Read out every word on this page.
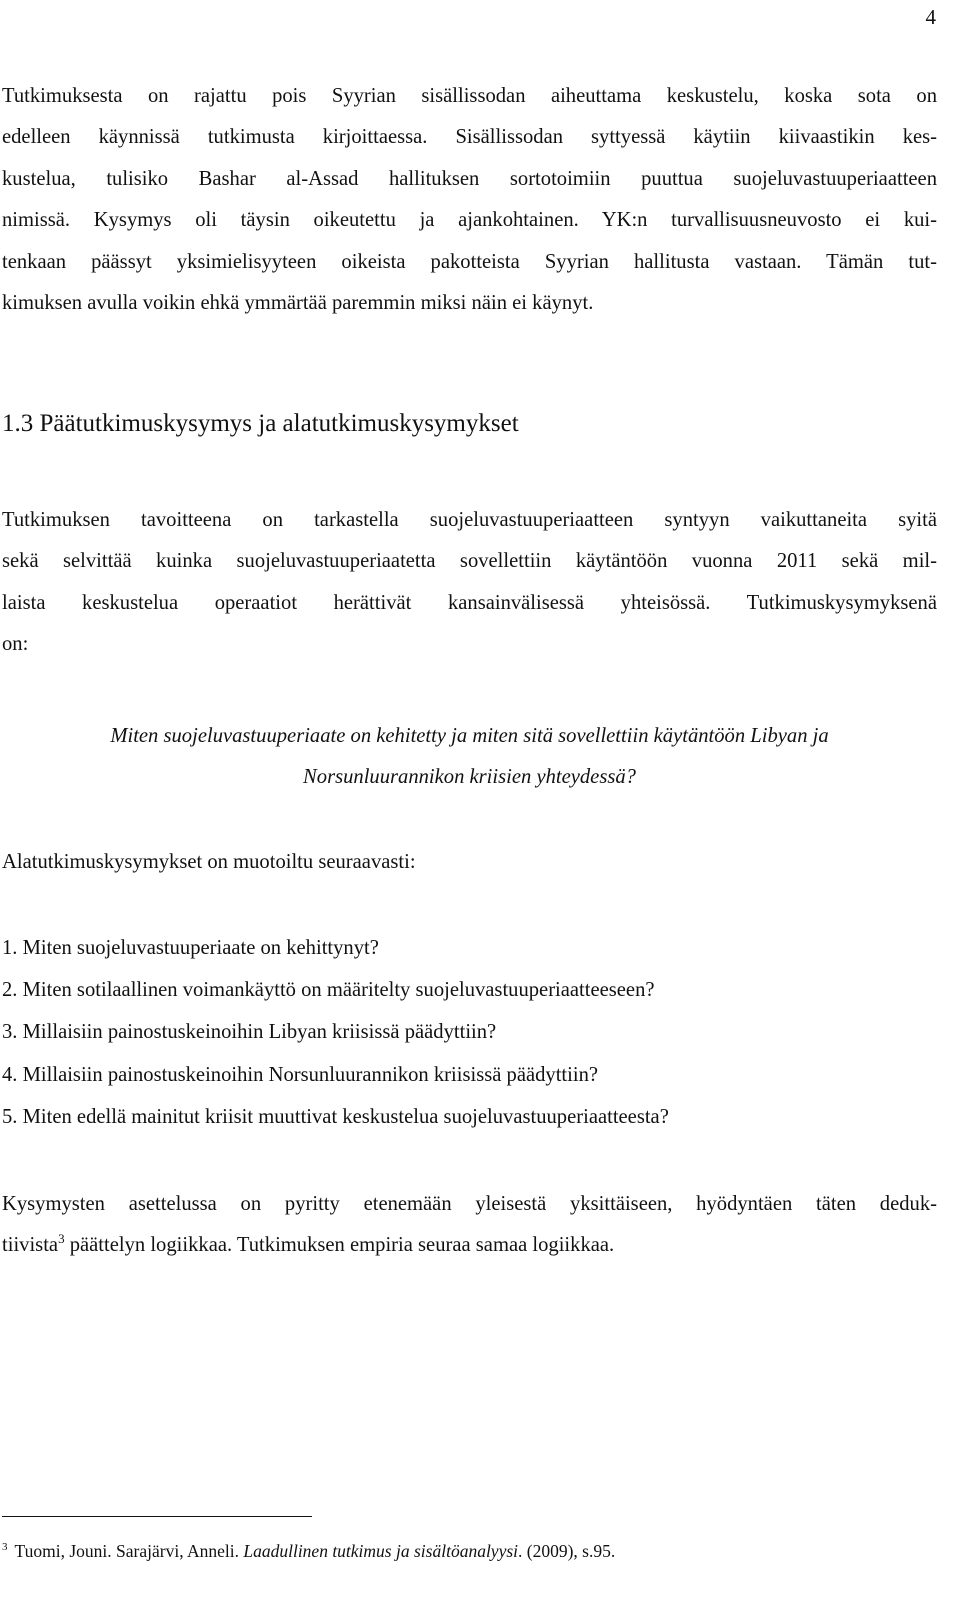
4

Tutkimuksesta on rajattu pois Syyrian sisällissodan aiheuttama keskustelu, koska sota on
edelleen käynnissä tutkimusta kirjoittaessa. Sisällissodan syttyessä käytiin kiivaastikin kes-
kustelua, tulisiko Bashar al-Assad hallituksen sortotoimiin puuttua suojeluvastuuperiaatteen
nimissä. Kysymys oli täysin oikeutettu ja ajankohtainen. YK:n turvallisuusneuvosto ei kui-
tenkaan päässyt yksimielisyyteen oikeista pakotteista Syyrian hallitusta vastaan. Tämän tut-
kimuksen avulla voikin ehkä ymmärtää paremmin miksi näin ei käynyt.

1.3 Päätutkimuskysymys ja alatutkimuskysymykset

Tutkimuksen tavoitteena on tarkastella suojeluvastuuperiaatteen syntyyn vaikuttaneita syitä
sekä selvittää kuinka suojeluvastuuperiaatetta sovellettiin käytäntöön vuonna 2011 sekä mil-
laista keskustelua operaatiot herättivät kansainvälisessä yhteisössä. Tutkimuskysymyksenä
on:

Miten suojeluvastuuperiaate on kehitetty ja miten sitä sovellettiin käytäntöön Libyan ja
Norsunluurannikon kriisien yhteydessä?

Alatutkimuskysymykset on muotoiltu seuraavasti:

1. Miten suojeluvastuuperiaate on kehittynyt?
2. Miten sotilaallinen voimankäyttö on määritelty suojeluvastuuperiaatteeseen?
3. Millaisiin painostuskeinoihin Libyan kriisissä päädyttiin?
4. Millaisiin painostuskeinoihin Norsunluurannikon kriisissä päädyttiin?
5. Miten edellä mainitut kriisit muuttivat keskustelua suojeluvastuuperiaatteesta?

Kysymysten asettelussa on pyritty etenemään yleisestä yksittäiseen, hyödyntäen täten deduk-
tiivista$^3$ päättelyn logiikkaa. Tutkimuksen empiria seuraa samaa logiikkaa.

$^3$ Tuomi, Jouni. Sarajärvi, Anneli. Laadullinen tutkimus ja sisältöanalyysi. (2009), s.95.
